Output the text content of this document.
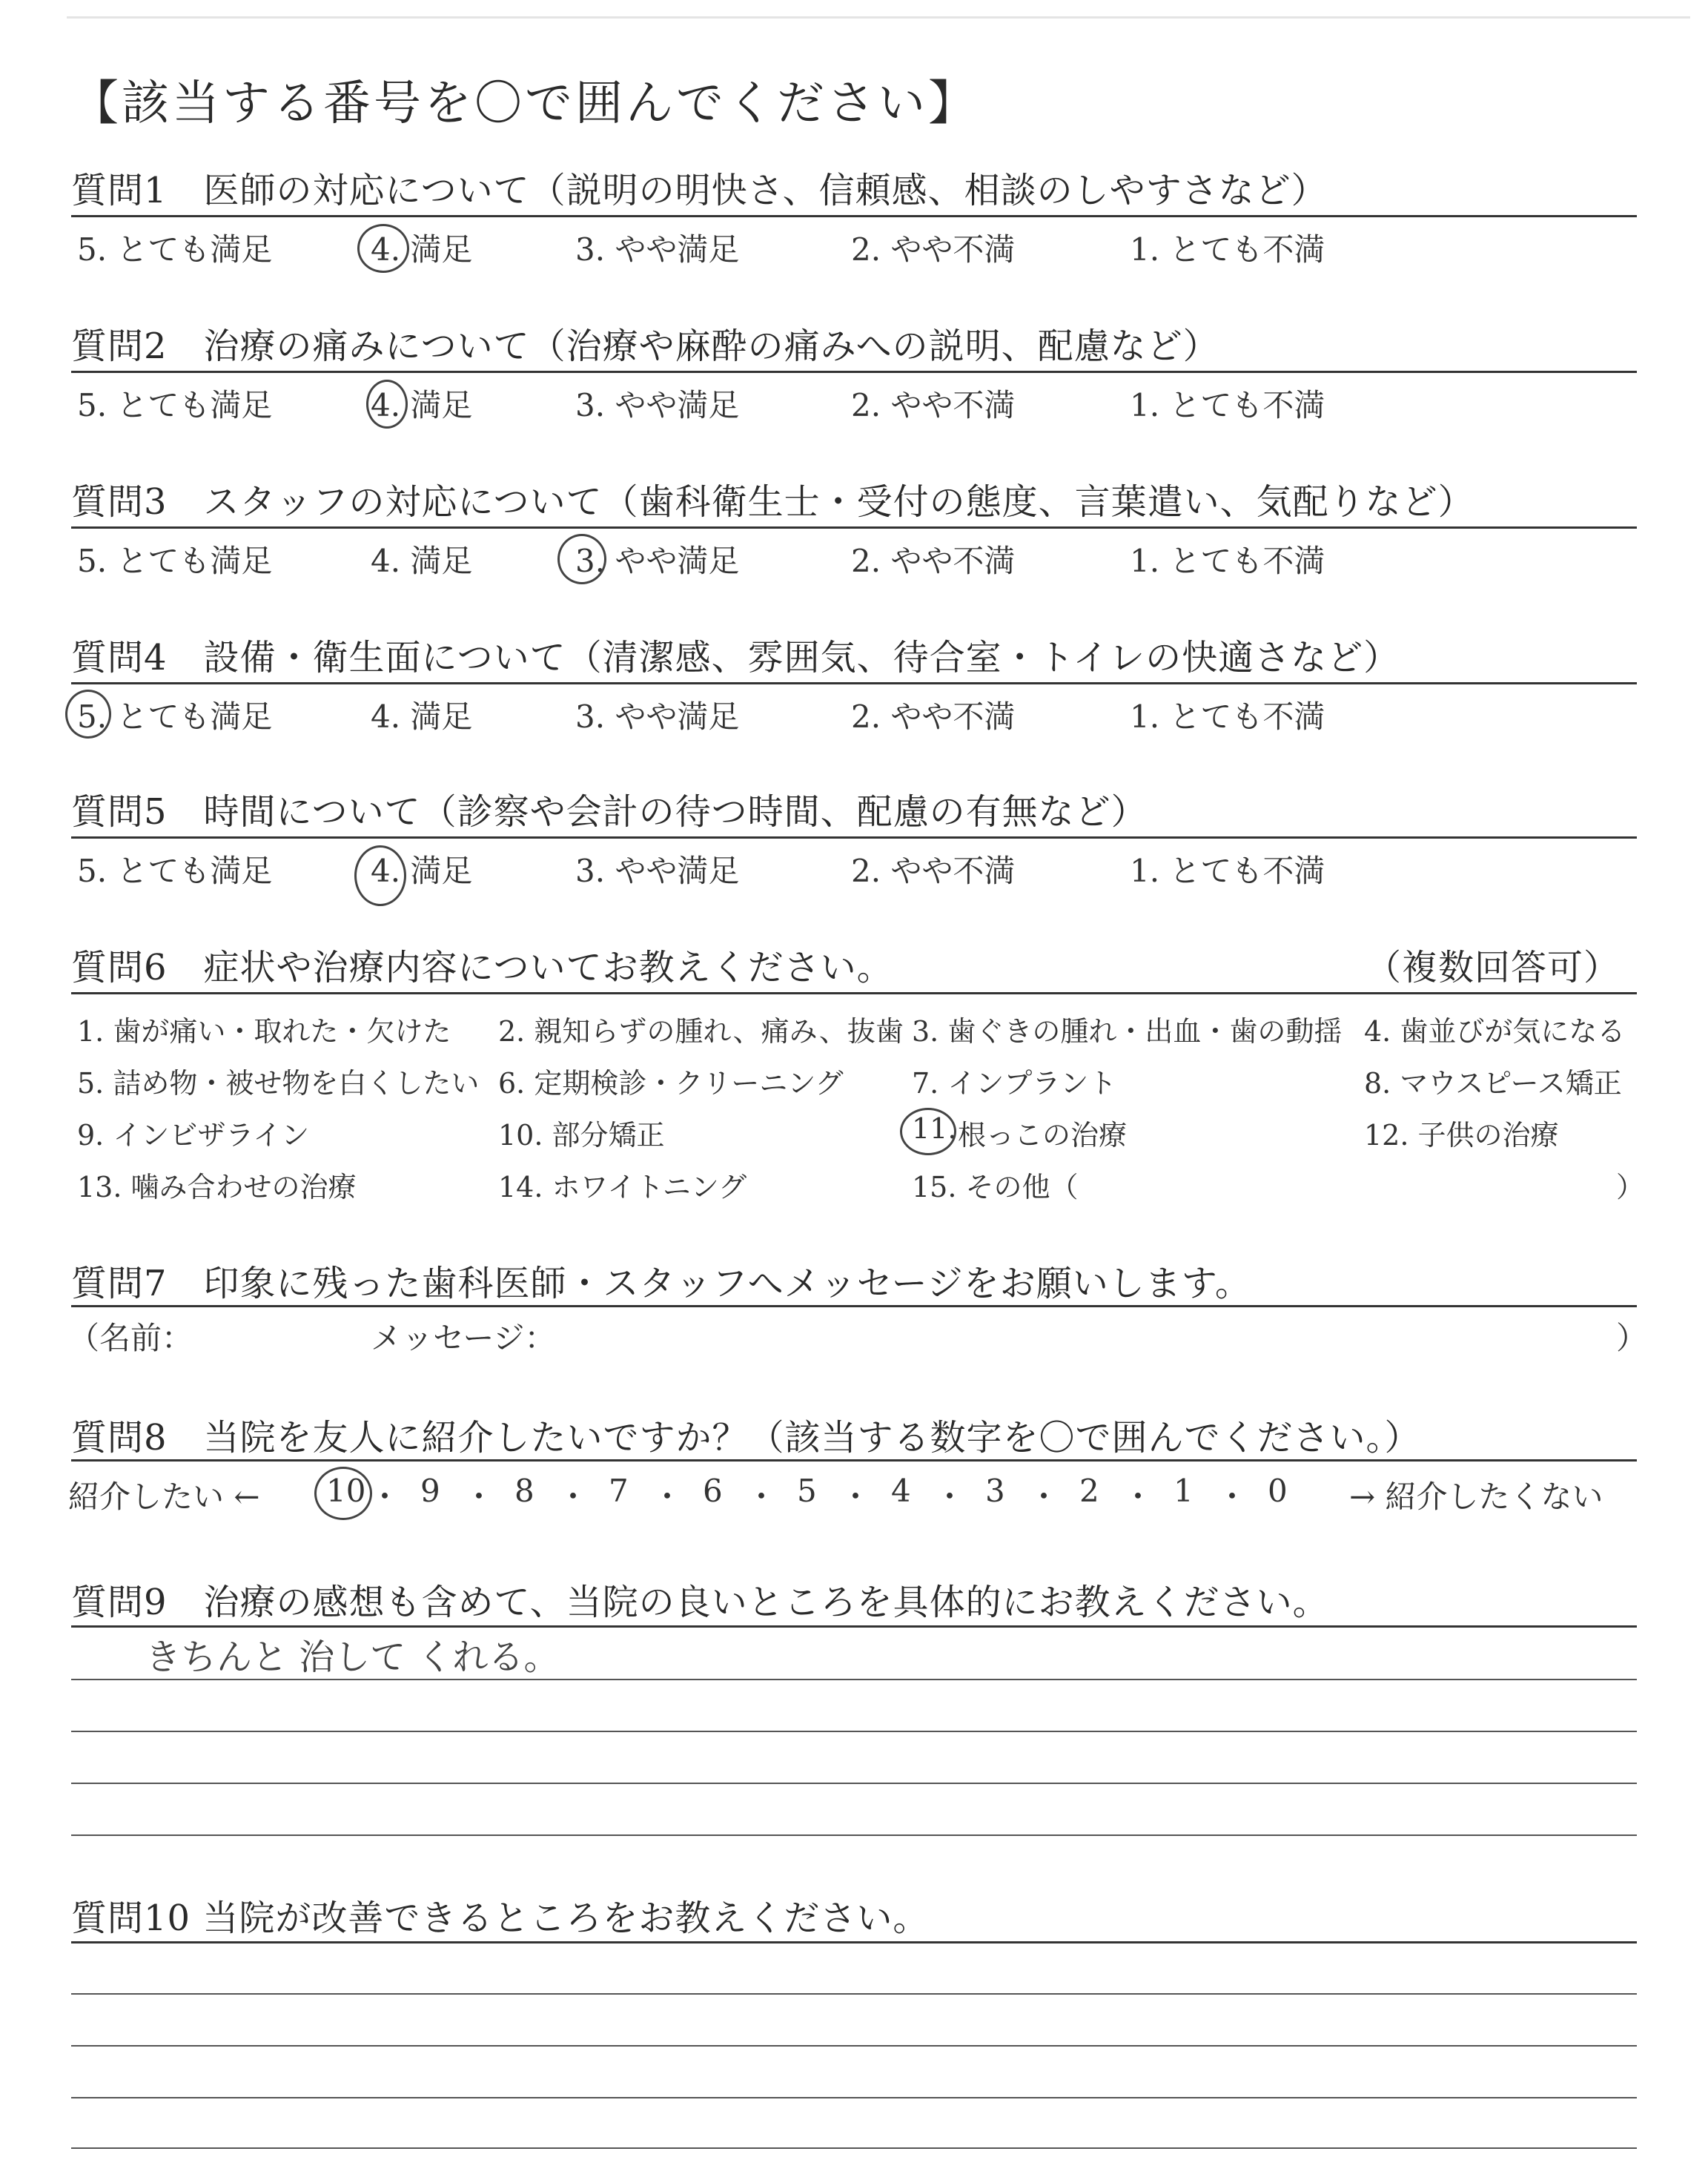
【該当する番号を〇で囲んでください】
質問1　医師の対応について（説明の明快さ、信頼感、相談のしやすさなど）
5. とても満足	4. 満足	3. やや満足	2. やや不満	1. とても不満
質問2　治療の痛みについて（治療や麻酔の痛みへの説明、配慮など）
5. とても満足	4. 満足	3. やや満足	2. やや不満	1. とても不満
質問3　スタッフの対応について（歯科衛生士・受付の態度、言葉遣い、気配りなど）
5. とても満足	4. 満足	3. やや満足	2. やや不満	1. とても不満
質問4　設備・衛生面について（清潔感、雰囲気、待合室・トイレの快適さなど）
5. とても満足	4. 満足	3. やや満足	2. やや不満	1. とても不満
質問5　時間について（診察や会計の待つ時間、配慮の有無など）
5. とても満足	4. 満足	3. やや満足	2. やや不満	1. とても不満
質問6　症状や治療内容についてお教えください。	（複数回答可）
1. 歯が痛い・取れた・欠けた 2. 親知らずの腫れ、痛み、抜歯 3. 歯ぐきの腫れ・出血・歯の動揺 4. 歯並びが気になる
5. 詰め物・被せ物を白くしたい 6. 定期検診・クリーニング 7. インプラント	8. マウスピース矯正
9. インビザライン	10. 部分矯正	11. 根っこの治療	12. 子供の治療
13. 噛み合わせの治療	14. ホワイトニング	15. その他（	）
質問7　印象に残った歯科医師・スタッフへメッセージをお願いします。
（名前：	メッセージ：	）
質問8　当院を友人に紹介したいですか？（該当する数字を〇で囲んでください。）
紹介したい ← 10 ・ 9 ・ 8 ・ 7 ・ 6 ・ 5 ・ 4 ・ 3 ・ 2 ・ 1 ・ 0 → 紹介したくない
質問9　治療の感想も含めて、当院の良いところを具体的にお教えください。
きちんと 治して くれる。
質問10 当院が改善できるところをお教えください。
